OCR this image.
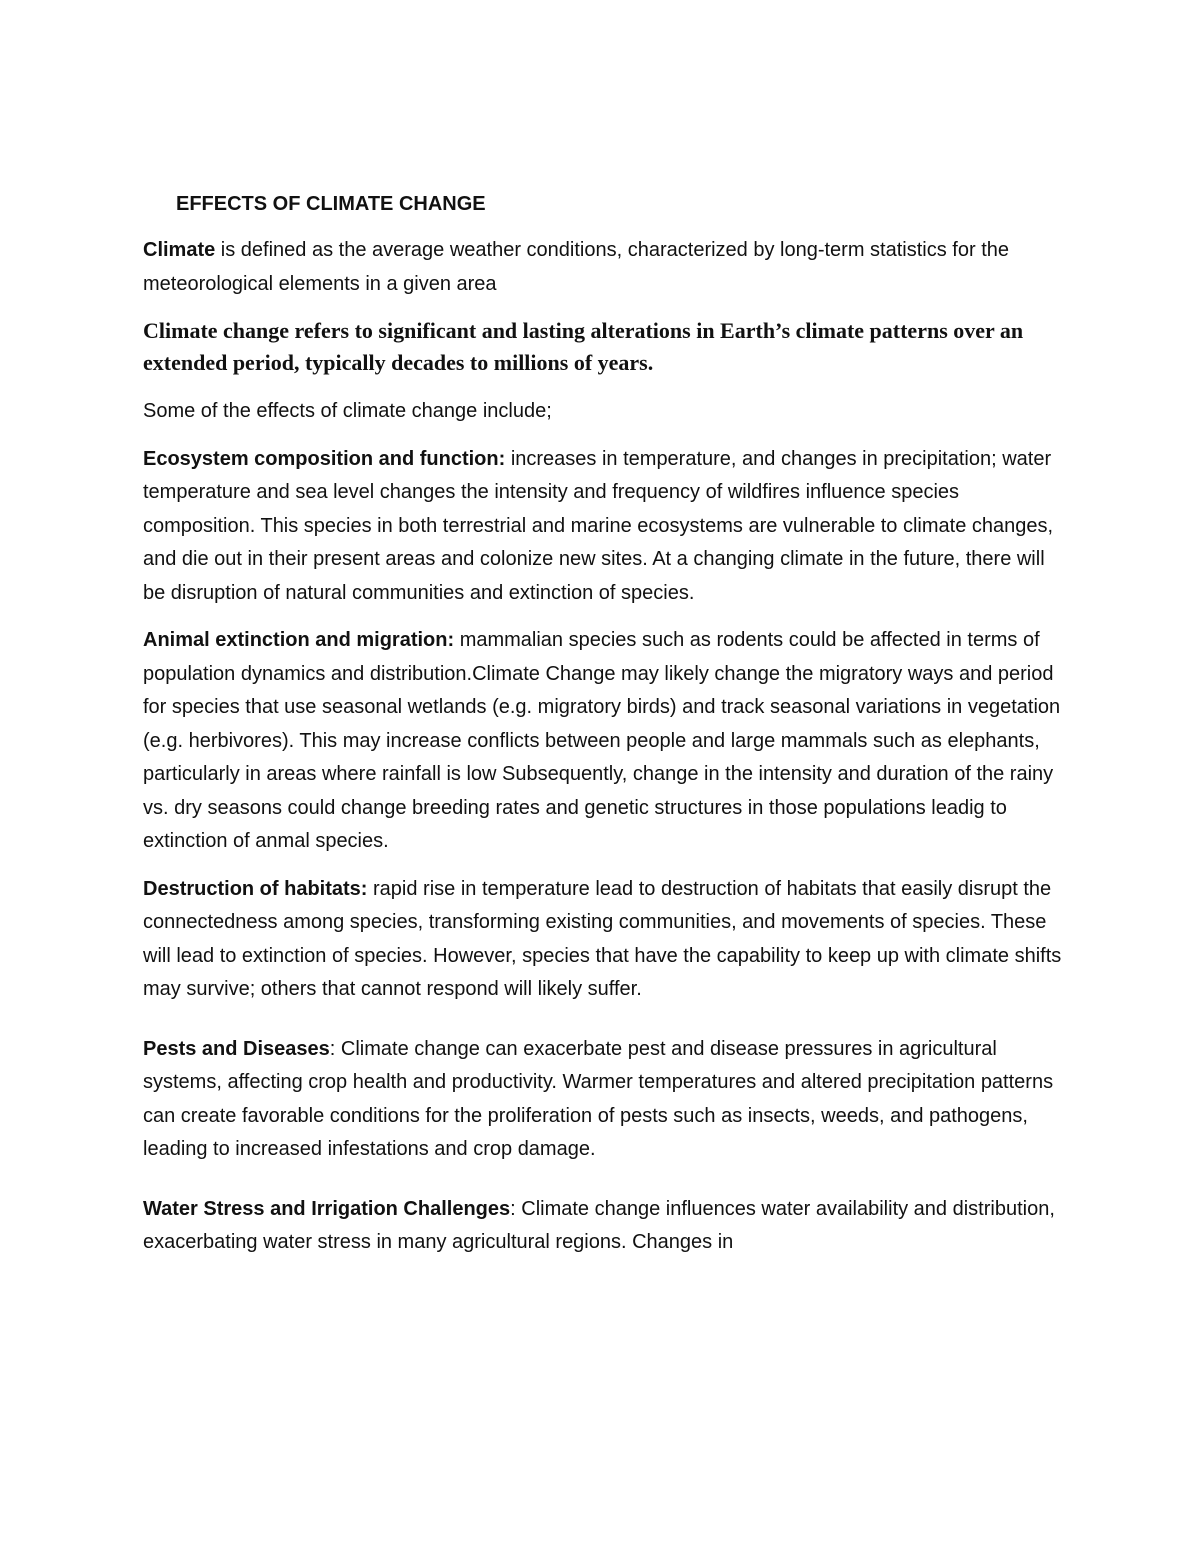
EFFECTS OF CLIMATE CHANGE

Climate is defined as the average weather conditions, characterized by long-term statistics for the meteorological elements in a given area

Climate change refers to significant and lasting alterations in Earth’s climate patterns over an extended period, typically decades to millions of years.

Some of the effects of climate change include;

Ecosystem composition and function: increases in temperature, and changes in precipitation; water temperature and sea level changes the intensity and frequency of wildfires influence species composition. This species in both terrestrial and marine ecosystems are vulnerable to climate changes, and die out in their present areas and colonize new sites. At a changing climate in the future, there will be disruption of natural communities and extinction of species.

Animal extinction and migration: mammalian species such as rodents could be affected in terms of population dynamics and distribution.Climate Change may likely change the migratory ways and period for species that use seasonal wetlands (e.g. migratory birds) and track seasonal variations in vegetation (e.g. herbivores). This may increase conflicts between people and large mammals such as elephants, particularly in areas where rainfall is low Subsequently, change in the intensity and duration of the rainy vs. dry seasons could change breeding rates and genetic structures in those populations leadig to extinction of anmal species.

Destruction of habitats: rapid rise in temperature lead to destruction of habitats that easily disrupt the connectedness among species, transforming existing communities, and movements of species. These will lead to extinction of species. However, species that have the capability to keep up with climate shifts may survive; others that cannot respond will likely suffer.

Pests and Diseases: Climate change can exacerbate pest and disease pressures in agricultural systems, affecting crop health and productivity. Warmer temperatures and altered precipitation patterns can create favorable conditions for the proliferation of pests such as insects, weeds, and pathogens, leading to increased infestations and crop damage.

Water Stress and Irrigation Challenges: Climate change influences water availability and distribution, exacerbating water stress in many agricultural regions. Changes in
